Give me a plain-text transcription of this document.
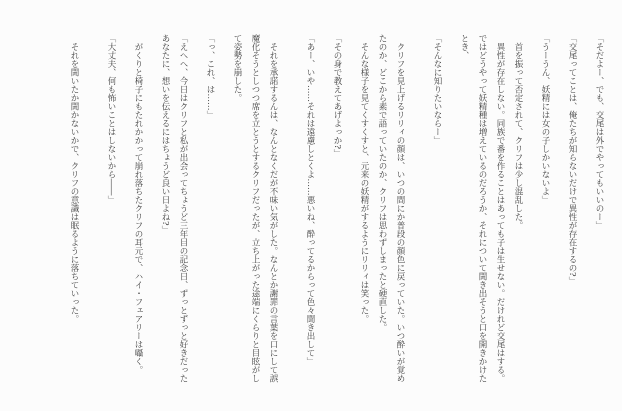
「そだよー、でも、交尾は外でやってもいいのー」

「交尾ってことは、俺たちが知らないだけで異性が存在するの?」

「うーうん、妖精には女の子しかいないよ」

　首を振って否定されて、クリフは少し混乱した。

　異性が存在しない。同族で番を作ることはあっても子は生せない。だけれど交尾はする。ではどうやって妖精種は増えているのだろうか、それについて聞き出そうと口を開きかけたとき、

「そんなに知りたいならー」

　クリフを見上げるリリィの顔は、いつの間にか普段の顔色に戻っていた。いつ酔いが覚めたのか、どこから素で語っていたのか、クリフは思わずしまったと硬直した。

　そんな様子を見てくすくすと、元来の妖精がするようにリリィは笑った。

「その身で教えてあげよっか?」

「あー、いや……それは遠慮しとくよ……悪いね、酔ってるからって色々聞き出して」

　それを承諾するんは、なんとなくだが不味い気がした。なんとか謝罪の言葉を口にして誤魔化そうとしつつ席を立とうとするクリフだったが、立ち上がった途端にくらりと目眩がして姿勢を崩した。

「っ、これ、は……」

「えへへ、今日はクリフと私が出会ってちょうど三年目の記念日、ずっとずっと好きだったあなたに、想いを伝えるにはちょうど良い日よね?」

　がくりと椅子にもたれかかって崩れ落ちたクリフの耳元で、ハイ・フェアリーは囁く。

「大丈夫、何も怖いことはしないから――」

　それを聞いたか聞かないかで、クリフの意識は眠るように落ちていった。
